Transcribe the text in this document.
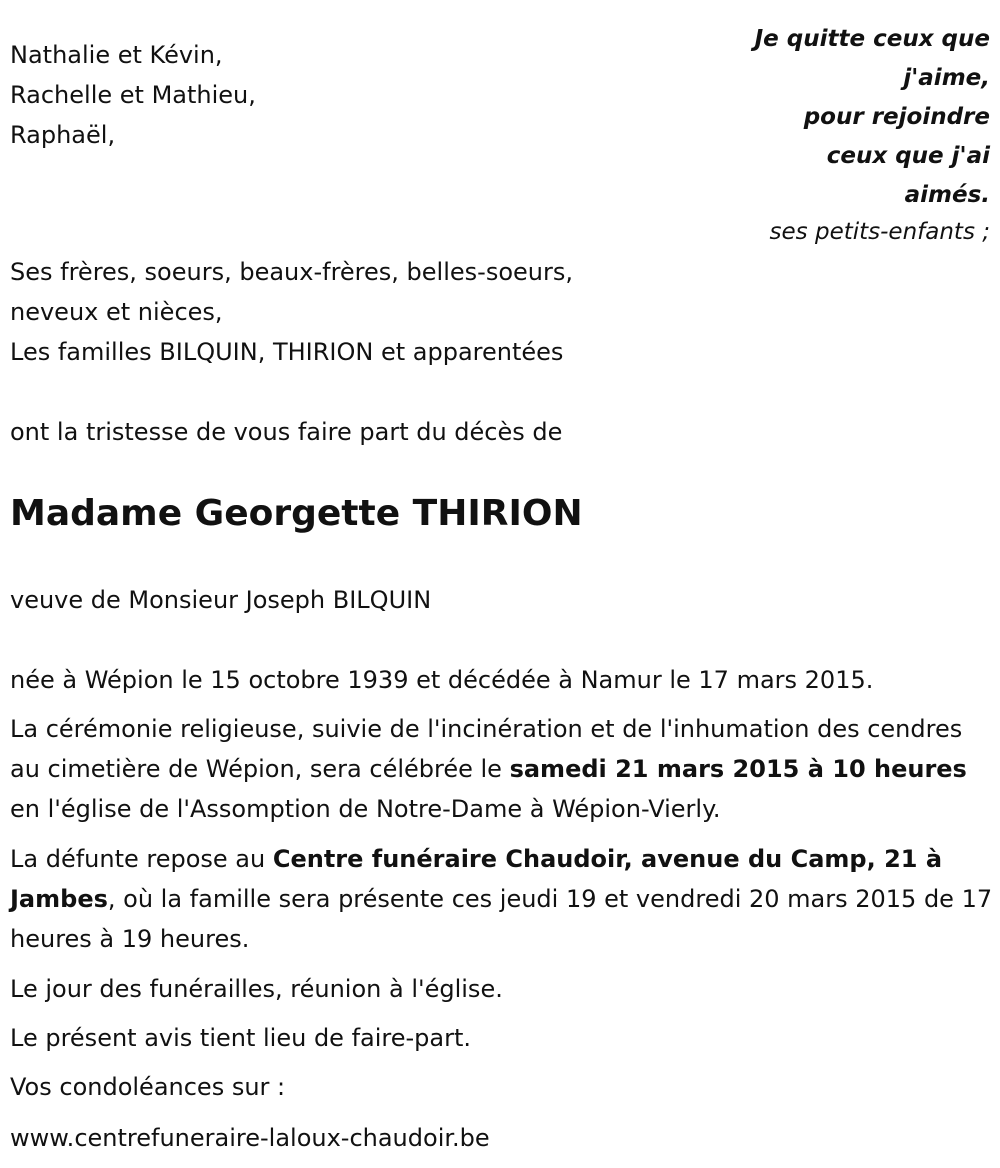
Nathalie et Kévin,
Rachelle et Mathieu,
Raphaël,
Je quitte ceux que
j'aime,
pour rejoindre
ceux que j'ai
aimés.
ses petits-enfants ;
Ses frères, soeurs, beaux-frères, belles-soeurs,
neveux et nièces,
Les familles BILQUIN, THIRION et apparentées
ont la tristesse de vous faire part du décès de
Madame Georgette THIRION
veuve de Monsieur Joseph BILQUIN
née à Wépion le 15 octobre 1939 et décédée à Namur le 17 mars 2015.
La cérémonie religieuse, suivie de l'incinération et de l'inhumation des cendres au cimetière de Wépion, sera célébrée le samedi 21 mars 2015 à 10 heures en l'église de l'Assomption de Notre-Dame à Wépion-Vierly.
La défunte repose au Centre funéraire Chaudoir, avenue du Camp, 21 à Jambes, où la famille sera présente ces jeudi 19 et vendredi 20 mars 2015 de 17 heures à 19 heures.
Le jour des funérailles, réunion à l'église.
Le présent avis tient lieu de faire-part.
Vos condoléances sur :
www.centrefuneraire-laloux-chaudoir.be
